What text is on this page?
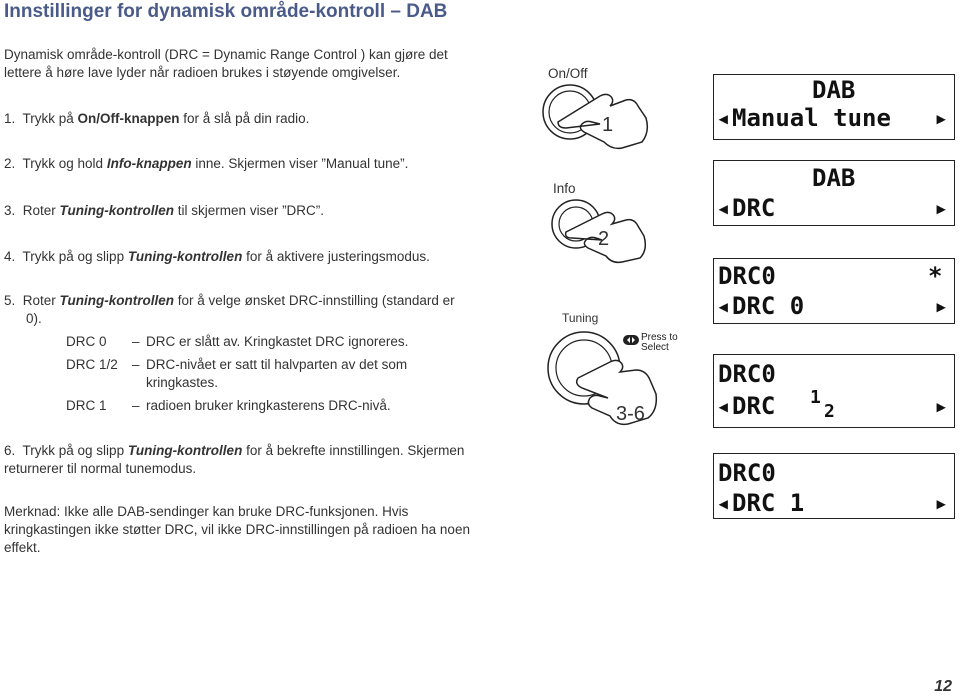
Innstillinger for dynamisk område-kontroll – DAB

Dynamisk område-kontroll (DRC = Dynamic Range Control ) kan gjøre det lettere å høre lave lyder når radioen brukes i støyende omgivelser.

1. Trykk på On/Off-knappen for å slå på din radio.

2. Trykk og hold Info-knappen inne. Skjermen viser ”Manual tune”.

3. Roter Tuning-kontrollen til skjermen viser ”DRC”.

4. Trykk på og slipp Tuning-kontrollen for å aktivere justeringsmodus.

5. Roter Tuning-kontrollen for å velge ønsket DRC-innstilling (standard er 0).

DRC 0 – DRC er slått av. Kringkastet DRC ignoreres.
DRC 1/2 – DRC-nivået er satt til halvparten av det som kringkastes.
DRC 1 – radioen bruker kringkasterens DRC-nivå.

6. Trykk på og slipp Tuning-kontrollen for å bekrefte innstillingen. Skjermen returnerer til normal tunemodus.

Merknad: Ikke alle DAB-sendinger kan bruke DRC-funksjonen. Hvis kringkastingen ikke støtter DRC, vil ikke DRC-innstillingen på radioen ha noen effekt.

On/Off
1
Info
2
Tuning
3-6
Press to
Select
DAB
◂ Manual tune ▸
DAB
◂ DRC	▸
DRC0	*
◂ DRC 0	▸
DRC0
◂ DRC 1
2	▸
DRC0
◂ DRC 1	▸
12
